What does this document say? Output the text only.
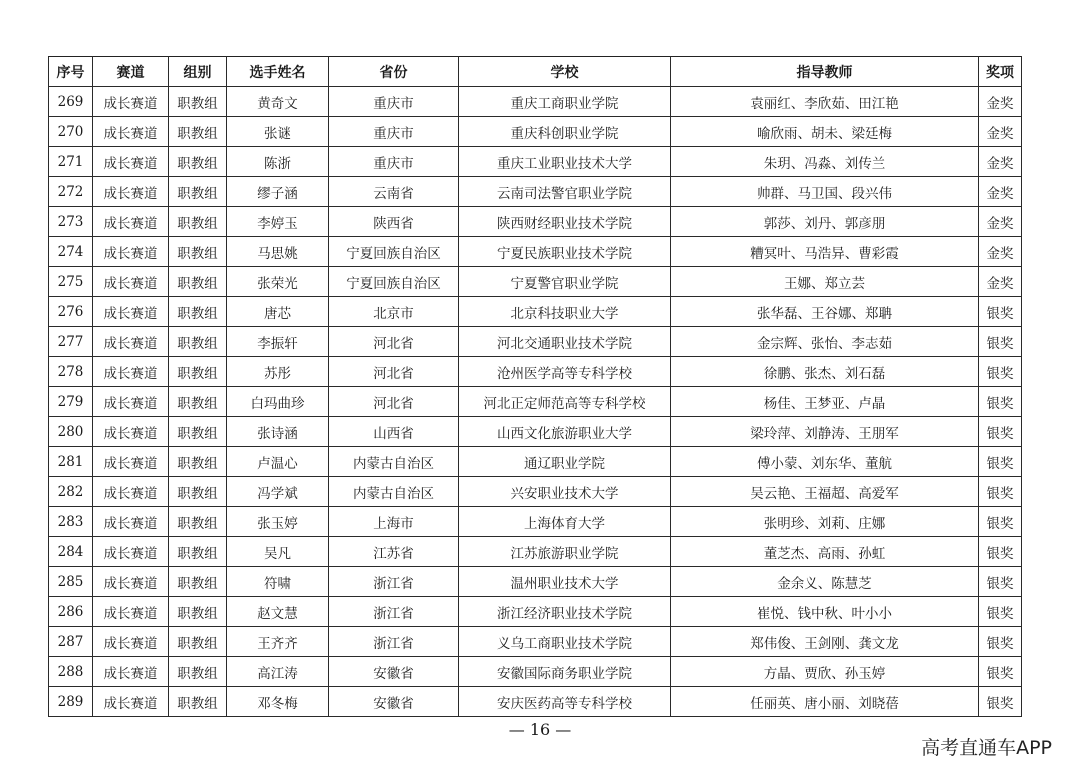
序号	赛道	组别	选手姓名	省份	学校	指导教师	奖项
269	成长赛道	职教组	黄奇文	重庆市	重庆工商职业学院	袁丽红、李欣茹、田江艳	金奖
270	成长赛道	职教组	张谜	重庆市	重庆科创职业学院	喻欣雨、胡未、梁廷梅	金奖
271	成长赛道	职教组	陈浙	重庆市	重庆工业职业技术大学	朱玥、冯淼、刘传兰	金奖
272	成长赛道	职教组	缪子涵	云南省	云南司法警官职业学院	帅群、马卫国、段兴伟	金奖
273	成长赛道	职教组	李婷玉	陕西省	陕西财经职业技术学院	郭莎、刘丹、郭彦朋	金奖
274	成长赛道	职教组	马思姚	宁夏回族自治区	宁夏民族职业技术学院	糟冥叶、马浩异、曹彩霞	金奖
275	成长赛道	职教组	张荣光	宁夏回族自治区	宁夏警官职业学院	王娜、郑立芸	金奖
276	成长赛道	职教组	唐芯	北京市	北京科技职业大学	张华磊、王谷娜、郑聃	银奖
277	成长赛道	职教组	李振轩	河北省	河北交通职业技术学院	金宗辉、张怡、李志茹	银奖
278	成长赛道	职教组	苏彤	河北省	沧州医学高等专科学校	徐鹏、张杰、刘石磊	银奖
279	成长赛道	职教组	白玛曲珍	河北省	河北正定师范高等专科学校	杨佳、王梦亚、卢晶	银奖
280	成长赛道	职教组	张诗涵	山西省	山西文化旅游职业大学	梁玲萍、刘静涛、王朋军	银奖
281	成长赛道	职教组	卢温心	内蒙古自治区	通辽职业学院	傅小蒙、刘东华、董航	银奖
282	成长赛道	职教组	冯学斌	内蒙古自治区	兴安职业技术大学	吴云艳、王福超、高爱军	银奖
283	成长赛道	职教组	张玉婷	上海市	上海体育大学	张明珍、刘莉、庄娜	银奖
284	成长赛道	职教组	吴凡	江苏省	江苏旅游职业学院	董芝杰、高雨、孙虹	银奖
285	成长赛道	职教组	符啸	浙江省	温州职业技术大学	金余义、陈慧芝	银奖
286	成长赛道	职教组	赵文慧	浙江省	浙江经济职业技术学院	崔悦、钱中秋、叶小小	银奖
287	成长赛道	职教组	王齐齐	浙江省	义乌工商职业技术学院	郑伟俊、王剑刚、龚文龙	银奖
288	成长赛道	职教组	高江涛	安徽省	安徽国际商务职业学院	方晶、贾欣、孙玉婷	银奖
289	成长赛道	职教组	邓冬梅	安徽省	安庆医药高等专科学校	任丽英、唐小丽、刘晓蓓	银奖
— 16 —
高考直通车APP
